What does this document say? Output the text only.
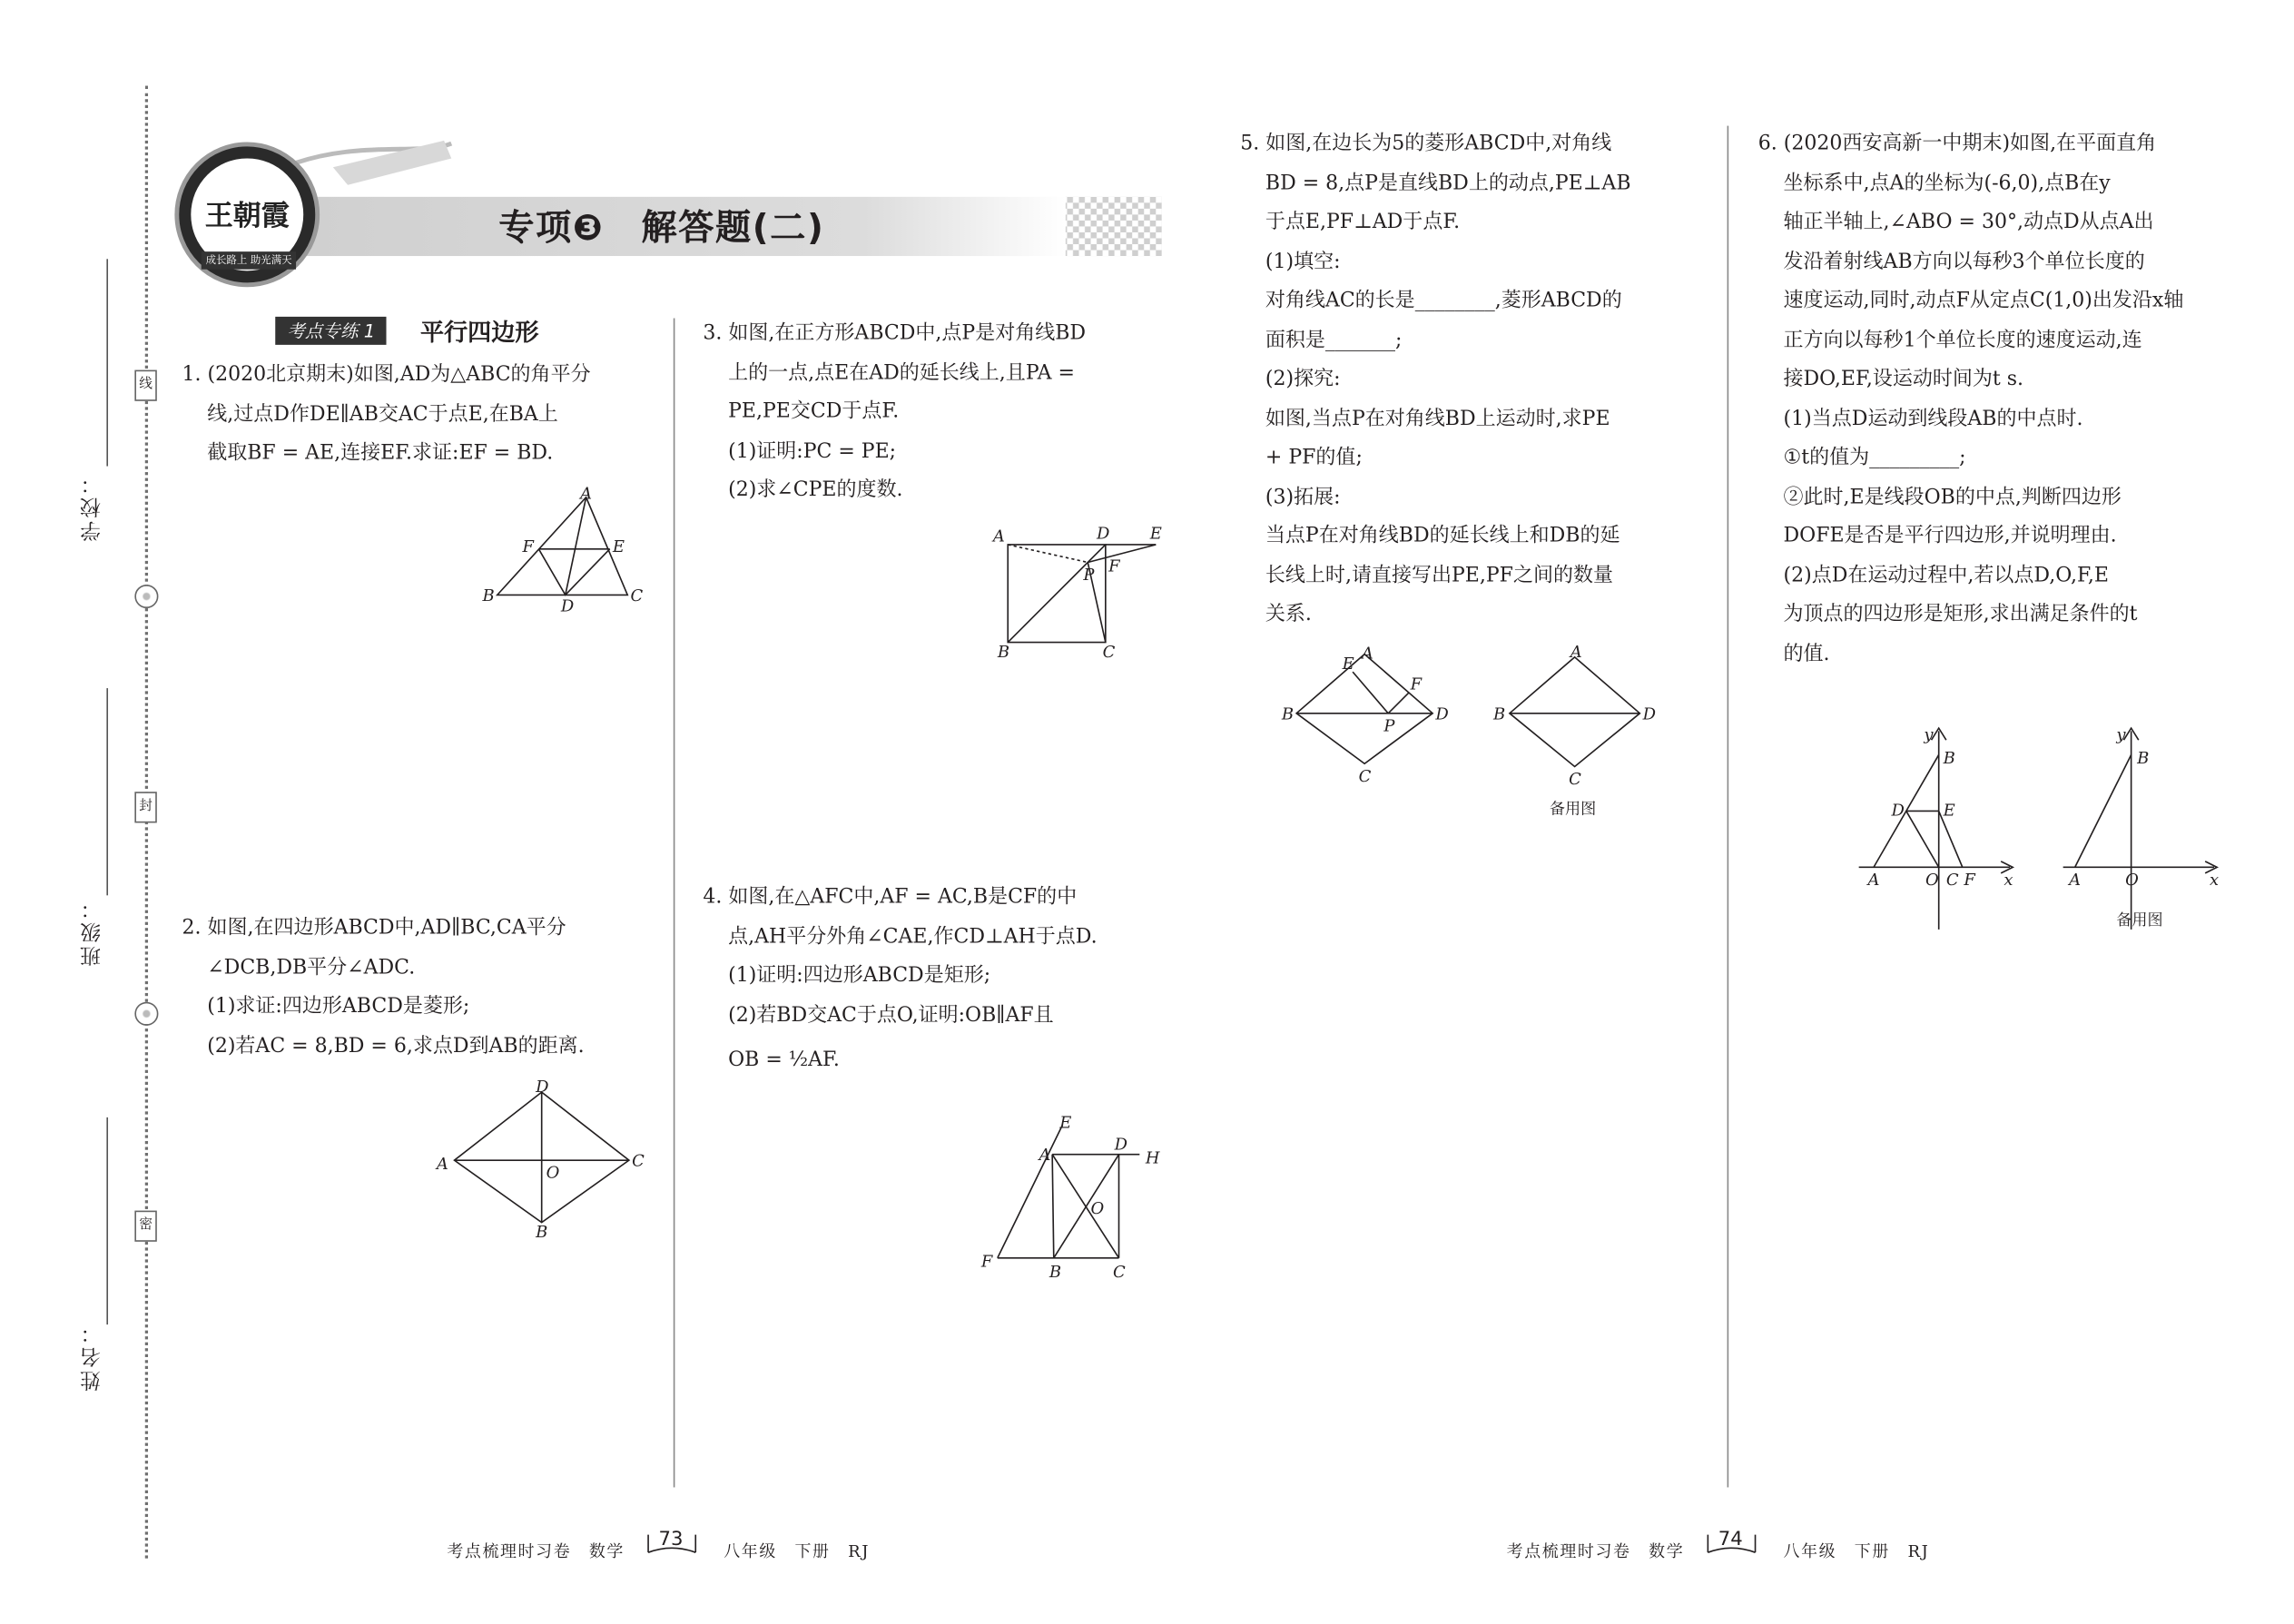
学校：
班级：
姓名：
线
封
密
王朝霞
成长路上 助光满天
专项❸　解答题(二)
考点专练 1	平行四边形
1. (2020北京期末)如图,AD为△ABC的角平分
线,过点D作DE∥AB交AC于点E,在BA上
截取BF = AE,连接EF.求证:EF = BD.
A
F	E
B
D
C
2. 如图,在四边形ABCD中,AD∥BC,CA平分
∠DCB,DB平分∠ADC.
(1)求证:四边形ABCD是菱形;
(2)若AC = 8,BD = 6,求点D到AB的距离.
D
A	O
C
B
3. 如图,在正方形ABCD中,点P是对角线BD
上的一点,点E在AD的延长线上,且PA =
PE,PE交CD于点F.
(1)证明:PC = PE;
(2)求∠CPE的度数.
A	D	E
P F
B	C
4. 如图,在△AFC中,AF = AC,B是CF的中
点,AH平分外角∠CAE,作CD⊥AH于点D.
(1)证明:四边形ABCD是矩形;
(2)若BD交AC于点O,证明:OB∥AF且
OB = ½AF.
E
A
D
H
O
F
B	C
5. 如图,在边长为5的菱形ABCD中,对角线
BD = 8,点P是直线BD上的动点,PE⊥AB
于点E,PF⊥AD于点F.
(1)填空:
对角线AC的长是________,菱形ABCD的
面积是_______;
(2)探究:
如图,当点P在对角线BD上运动时,求PE
+ PF的值;
(3)拓展:
当点P在对角线BD的延长线上和DB的延
长线上时,请直接写出PE,PF之间的数量
关系.
E
A
F
B
P
D
C
A
B	D
C
备用图
6. (2020西安高新一中期末)如图,在平面直角
坐标系中,点A的坐标为(-6,0),点B在y
轴正半轴上,∠ABO = 30°,动点D从点A出
发沿着射线AB方向以每秒3个单位长度的
速度运动,同时,动点F从定点C(1,0)出发沿x轴
正方向以每秒1个单位长度的速度运动,连
接DO,EF,设运动时间为t s.
(1)当点D运动到线段AB的中点时.
①t的值为_________;
②此时,E是线段OB的中点,判断四边形
DOFE是否是平行四边形,并说明理由.
(2)点D在运动过程中,若以点D,O,F,E
为顶点的四边形是矩形,求出满足条件的t
的值.
y
B
D	E
A	O C F	x
y
B
A	O	x
备用图
考点梳理时习卷　数学
73
八年级　下册　RJ	考点梳理时习卷　数学
74
八年级　下册　RJ
